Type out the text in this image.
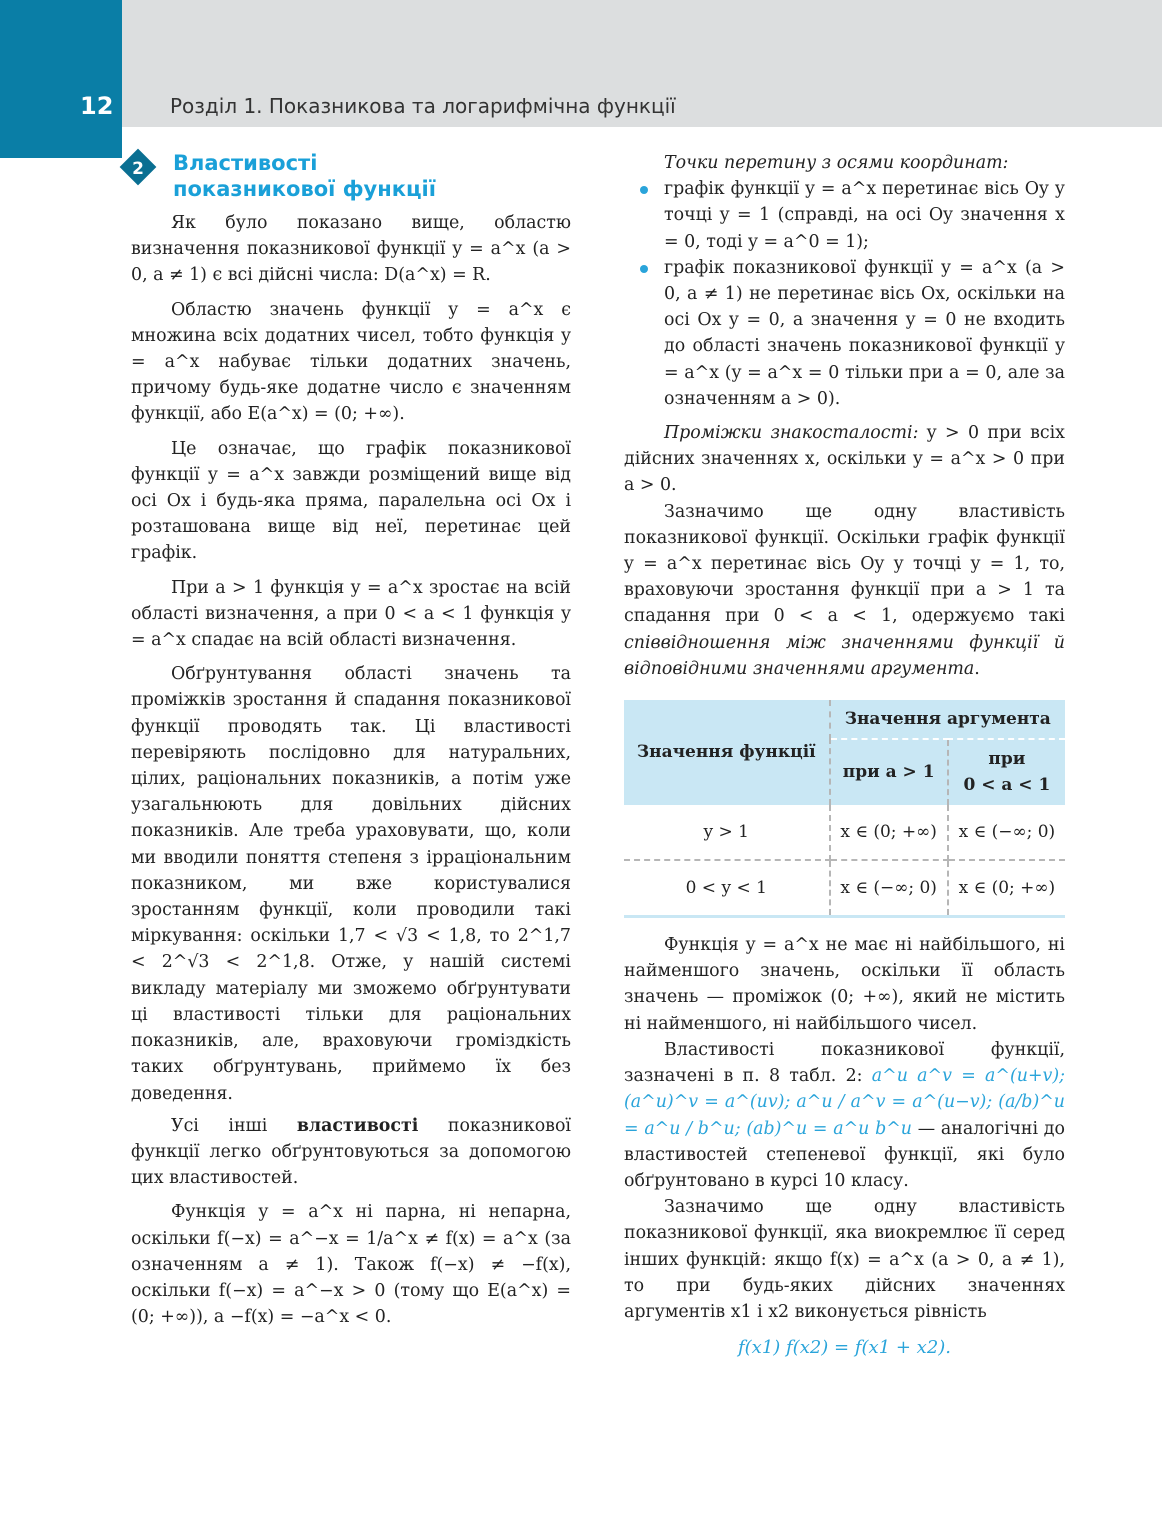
12	Розділ 1. Показникова та логарифмічна функції
2	Властивості
показникової функції

Як було показано вище, областю визначення показникової функції y = a^x (a > 0, a ≠ 1) є всі дійсні числа: D(a^x) = R.

Областю значень функції y = a^x є множина всіх додатних чисел, тобто функція y = a^x набуває тільки додатних значень, причому будь-яке додатне число є значенням функції, або E(a^x) = (0; +∞).

Це означає, що графік показникової функції y = a^x завжди розміщений вище від осі Ox і будь-яка пряма, паралельна осі Ox і розташована вище від неї, перетинає цей графік.

При a > 1 функція y = a^x зростає на всій області визначення, а при 0 < a < 1 функція y = a^x спадає на всій області визначення.

Обґрунтування області значень та проміжків зростання й спадання показникової функції проводять так. Ці властивості перевіряють послідовно для натуральних, цілих, раціональних показників, а потім уже узагальнюють для довільних дійсних показників. Але треба ураховувати, що, коли ми вводили поняття степеня з ірраціональним показником, ми вже користувалися зростанням функції, коли проводили такі міркування: оскільки 1,7 < √3 < 1,8, то 2^1,7 < 2^√3 < 2^1,8. Отже, у нашій системі викладу матеріалу ми зможемо обґрунтувати ці властивості тільки для раціональних показників, але, враховуючи громіздкість таких обґрунтувань, приймемо їх без доведення.

Усі інші властивості показникової функції легко обґрунтовуються за допомогою цих властивостей.

Функція y = a^x ні парна, ні непарна, оскільки f(−x) = a^−x = 1/a^x ≠ f(x) = a^x (за означенням a ≠ 1). Також f(−x) ≠ −f(x), оскільки f(−x) = a^−x > 0 (тому що E(a^x) = (0; +∞)), а −f(x) = −a^x < 0.

Точки перетину з осями координат:

графік функції y = a^x перетинає вісь Oy у точці y = 1 (справді, на осі Oy значення x = 0, тоді y = a^0 = 1);
графік показникової функції y = a^x (a > 0, a ≠ 1) не перетинає вісь Ox, оскільки на осі Ox y = 0, а значення y = 0 не входить до області значень показникової функції y = a^x (y = a^x = 0 тільки при a = 0, але за означенням a > 0).

Проміжки знакосталості: y > 0 при всіх дійсних значеннях x, оскільки y = a^x > 0 при a > 0.

Зазначимо ще одну властивість показникової функції. Оскільки графік функції y = a^x перетинає вісь Oy у точці y = 1, то, враховуючи зростання функції при a > 1 та спадання при 0 < a < 1, одержуємо такі співвідношення між значеннями функції й відповідними значеннями аргумента.

Значення функції	Значення аргумента	
	при a > 1	при
0 < a < 1

y > 1	x ∈ (0; +∞)	x ∈ (−∞; 0)
0 < y < 1	x ∈ (−∞; 0)	x ∈ (0; +∞)

Функція y = a^x не має ні найбільшого, ні найменшого значень, оскільки її область значень — проміжок (0; +∞), який не містить ні найменшого, ні найбільшого чисел.

Властивості показникової функції, зазначені в п. 8 табл. 2: a^u a^v = a^(u+v); (a^u)^v = a^(uv); a^u / a^v = a^(u−v); (a/b)^u = a^u / b^u; (ab)^u = a^u b^u — аналогічні до властивостей степеневої функції, які було обґрунтовано в курсі 10 класу.

Зазначимо ще одну властивість показникової функції, яка виокремлює її серед інших функцій: якщо f(x) = a^x (a > 0, a ≠ 1), то при будь-яких дійсних значеннях аргументів x1 і x2 виконується рівність

f(x1) f(x2) = f(x1 + x2).
